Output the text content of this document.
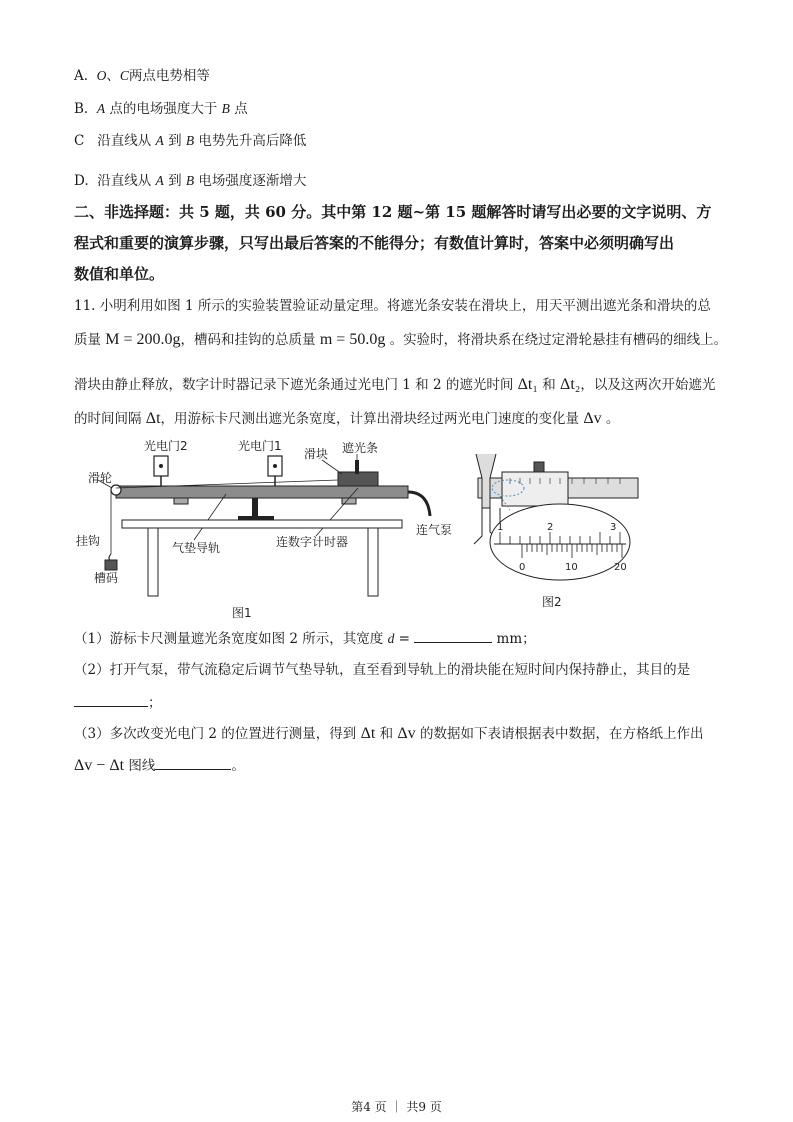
A. O、C两点电势相等
B. A 点的电场强度大于 B 点
C 沿直线从 A 到 B 电势先升高后降低
D. 沿直线从 A 到 B 电场强度逐渐增大
二、非选择题：共 5 题，共 60 分。其中第 12 题~第 15 题解答时请写出必要的文字说明、方
程式和重要的演算步骤，只写出最后答案的不能得分；有数值计算时，答案中必须明确写出
数值和单位。
11. 小明利用如图 1 所示的实验装置验证动量定理。将遮光条安装在滑块上，用天平测出遮光条和滑块的总
质量 M = 200.0g，槽码和挂钩的总质量 m = 50.0g 。实验时，将滑块系在绕过定滑轮悬挂有槽码的细线上。
滑块由静止释放，数字计时器记录下遮光条通过光电门 1 和 2 的遮光时间 Δt₁ 和 Δt₂，以及这两次开始遮光
的时间间隔 Δt，用游标卡尺测出遮光条宽度，计算出滑块经过两光电门速度的变化量 Δv 。
光电门2	光电门1
滑块 遮光条
滑轮
挂钩
槽码
气垫导轨	连数字计时器
连气泵
图1
1	2	3
0	10	20
图2
（1）游标卡尺测量遮光条宽度如图 2 所示，其宽度 d =	mm；
（2）打开气泵，带气流稳定后调节气垫导轨，直至看到导轨上的滑块能在短时间内保持静止，其目的是
；
（3）多次改变光电门 2 的位置进行测量，得到 Δt 和 Δv 的数据如下表请根据表中数据，在方格纸上作出
Δv − Δt 图线	。
第4 页 ｜ 共9 页
